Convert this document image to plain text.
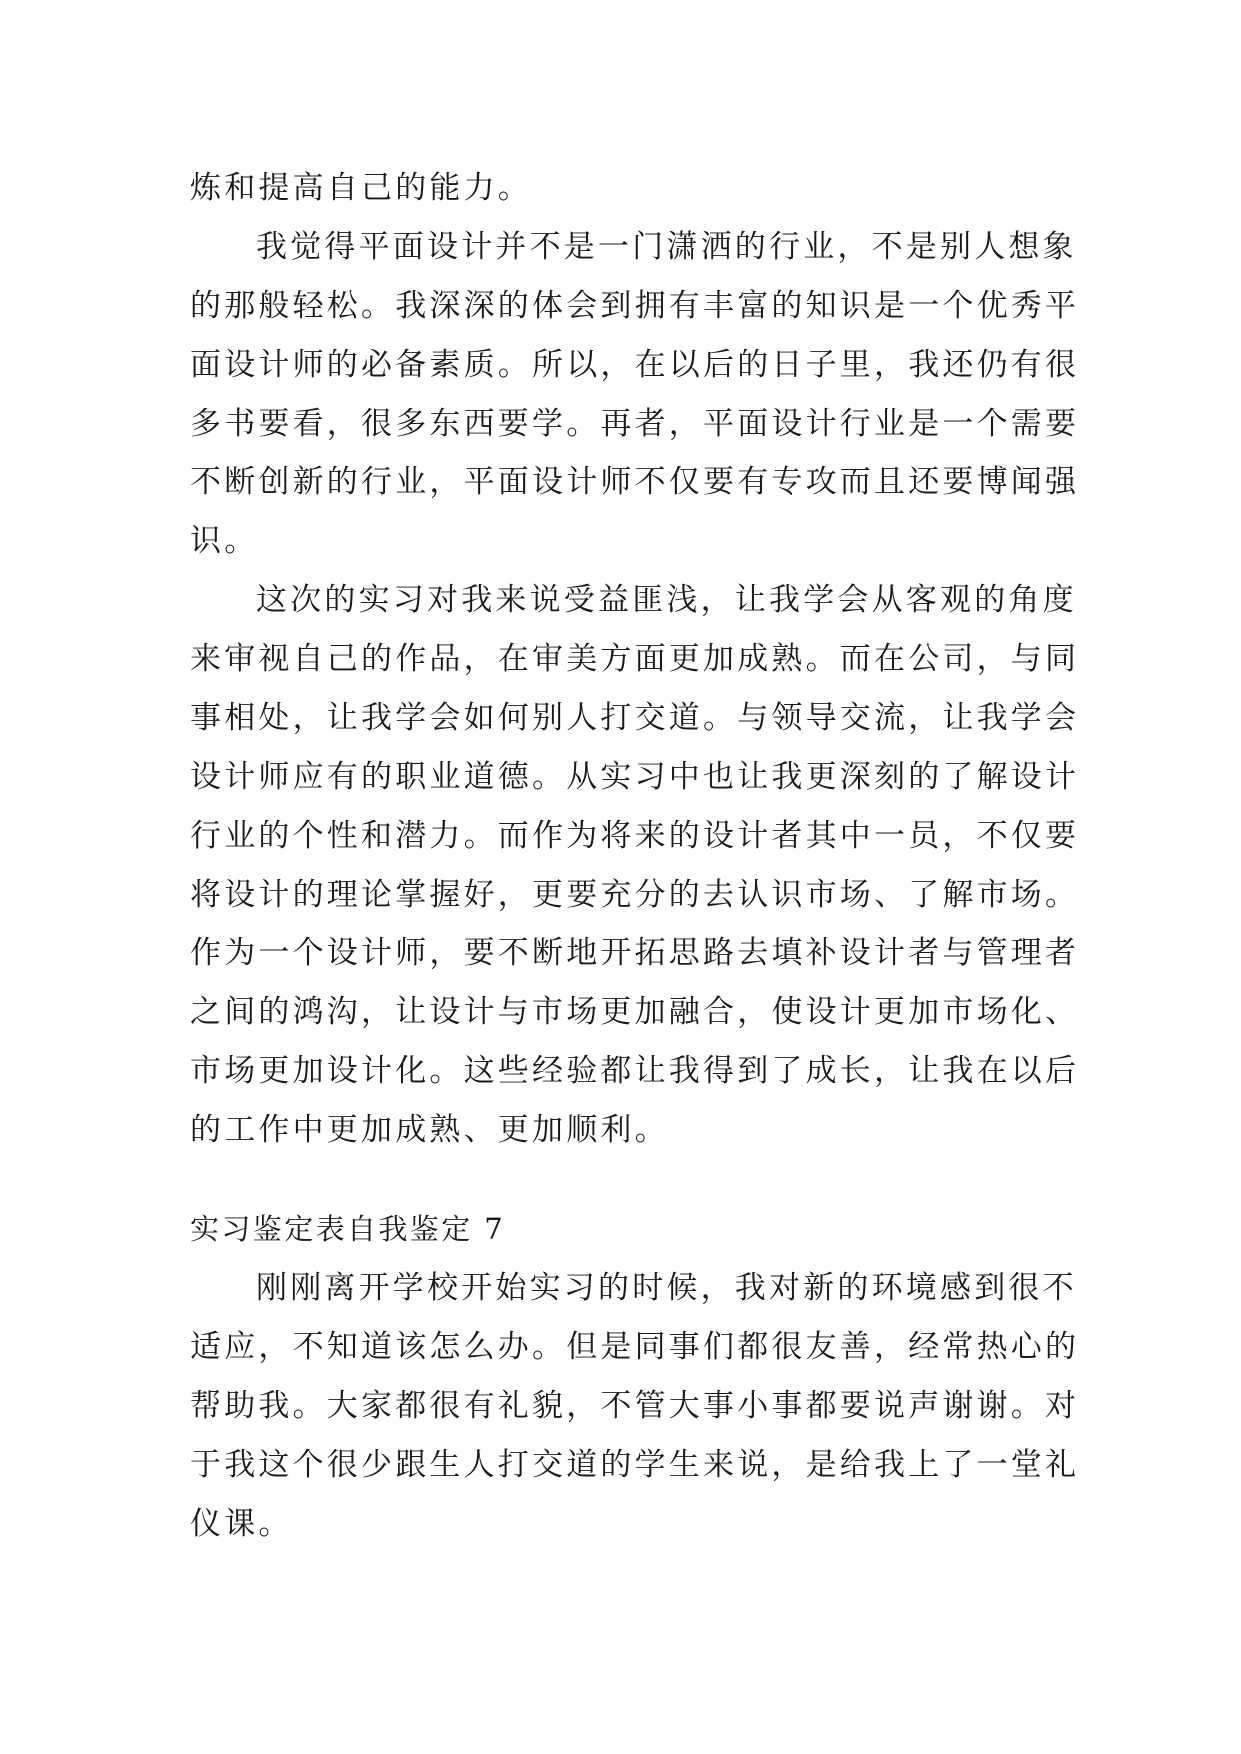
炼和提高自己的能力。
我觉得平面设计并不是一门潇洒的行业，不是别人想象
的那般轻松。我深深的体会到拥有丰富的知识是一个优秀平
面设计师的必备素质。所以，在以后的日子里，我还仍有很
多书要看，很多东西要学。再者，平面设计行业是一个需要
不断创新的行业，平面设计师不仅要有专攻而且还要博闻强
识。
这次的实习对我来说受益匪浅，让我学会从客观的角度
来审视自己的作品，在审美方面更加成熟。而在公司，与同
事相处，让我学会如何别人打交道。与领导交流，让我学会
设计师应有的职业道德。从实习中也让我更深刻的了解设计
行业的个性和潜力。而作为将来的设计者其中一员，不仅要
将设计的理论掌握好，更要充分的去认识市场、了解市场。
作为一个设计师，要不断地开拓思路去填补设计者与管理者
之间的鸿沟，让设计与市场更加融合，使设计更加市场化、
市场更加设计化。这些经验都让我得到了成长，让我在以后
的工作中更加成熟、更加顺利。
实习鉴定表自我鉴定 7
刚刚离开学校开始实习的时候，我对新的环境感到很不
适应，不知道该怎么办。但是同事们都很友善，经常热心的
帮助我。大家都很有礼貌，不管大事小事都要说声谢谢。对
于我这个很少跟生人打交道的学生来说，是给我上了一堂礼
仪课。
